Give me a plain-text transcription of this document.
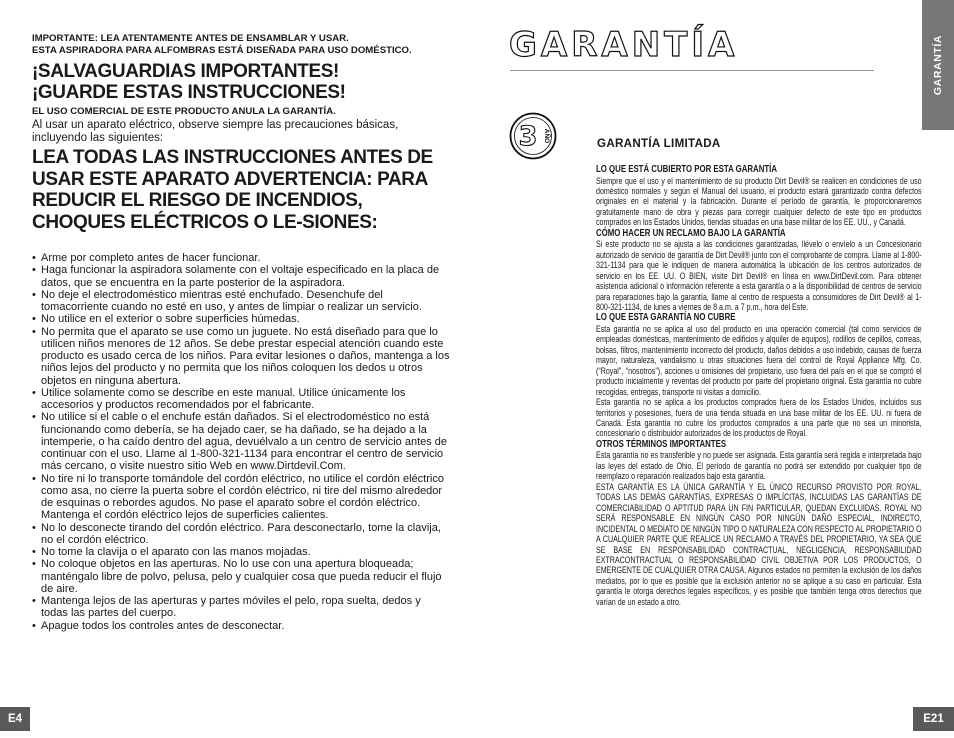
IMPORTANTE: LEA ATENTAMENTE ANTES DE ENSAMBLAR Y USAR.
ESTA ASPIRADORA PARA ALFOMBRAS ESTÁ DISEÑADA PARA USO DOMÉSTICO.
¡SALVAGUARDIAS IMPORTANTES!
¡GUARDE ESTAS INSTRUCCIONES!
EL USO COMERCIAL DE ESTE PRODUCTO ANULA LA GARANTÍA.
Al usar un aparato eléctrico, observe siempre las precauciones básicas, incluyendo las siguientes:
LEA TODAS LAS INSTRUCCIONES ANTES DE USAR ESTE APARATO ADVERTENCIA: PARA REDUCIR EL RIESGO DE INCENDIOS, CHOQUES ELÉCTRICOS O LE-SIONES:
• Arme por completo antes de hacer funcionar.
• Haga funcionar la aspiradora solamente con el voltaje especificado en la placa de datos, que se encuentra en la parte posterior de la aspiradora.
• No deje el electrodoméstico mientras esté enchufado. Desenchufe del tomacorriente cuando no esté en uso, y antes de limpiar o realizar un servicio.
• No utilice en el exterior o sobre superficies húmedas.
• No permita que el aparato se use como un juguete. No está diseñado para que lo utilicen niños menores de 12 años. Se debe prestar especial atención cuando este producto es usado cerca de los niños. Para evitar lesiones o daños, mantenga a los niños lejos del producto y no permita que los niños coloquen los dedos u otros objetos en ninguna abertura.
• Utilice solamente como se describe en este manual. Utilice únicamente los accesorios y productos recomendados por el fabricante.
• No utilice si el cable o el enchufe están dañados. Si el electrodoméstico no está funcionando como debería, se ha dejado caer, se ha dañado, se ha dejado a la intemperie, o ha caído dentro del agua, devuélvalo a un centro de servicio antes de continuar con el uso. Llame al 1-800-321-1134 para encontrar el centro de servicio más cercano, o visite nuestro sitio Web en www.Dirtdevil.Com.
• No tire ni lo transporte tomándole del cordón eléctrico, no utilice el cordón eléctrico como asa, no cierre la puerta sobre el cordón eléctrico, ni tire del mismo alrededor de esquinas o rebordes agudos. No pase el aparato sobre el cordón eléctrico. Mantenga el cordón eléctrico lejos de superficies calientes.
• No lo desconecte tirando del cordón eléctrico. Para desconectarlo, tome la clavija, no el cordón eléctrico.
• No tome la clavija o el aparato con las manos mojadas.
• No coloque objetos en las aperturas. No lo use con una apertura bloqueada; manténgalo libre de polvo, pelusa, pelo y cualquier cosa que pueda reducir el flujo de aire.
• Mantenga lejos de las aperturas y partes móviles el pelo, ropa suelta, dedos y todas las partes del cuerpo.
• Apague todos los controles antes de desconectar.
E4
GARANTÍA
GARANTÍA
3 AÑO
GARANTÍA LIMITADA
LO QUE ESTÁ CUBIERTO POR ESTA GARANTÍA

Siempre que el uso y el mantenimiento de su producto Dirt Devil® se realicen en condiciones de uso doméstico normales y según el Manual del usuario, el producto estará garantizado contra defectos originales en el material y la fabricación. Durante el período de garantía, le proporcionaremos gratuitamente mano de obra y piezas para corregir cualquier defecto de este tipo en productos comprados en los Estados Unidos, tiendas situadas en una base militar de los EE. UU., y Canadá.

CÓMO HACER UN RECLAMO BAJO LA GARANTÍA

Si este producto no se ajusta a las condiciones garantizadas, llévelo o envíelo a un Concesionario autorizado de servicio de garantía de Dirt Devil® junto con el comprobante de compra. Llame al 1-800-321-1134 para que le indiquen de manera automática la ubicación de los centros autorizados de servicio en los EE. UU. O BIEN, visite Dirt Devil® en línea en www.DirtDevil.com. Para obtener asistencia adicional o información referente a esta garantía o a la disponibilidad de centros de servicio para reparaciones bajo la garantía, llame al centro de respuesta a consumidores de Dirt Devil® al 1-800-321-1134, de lunes a viernes de 8 a.m. a 7 p.m., hora del Este.

LO QUE ESTA GARANTÍA NO CUBRE

Esta garantía no se aplica al uso del producto en una operación comercial (tal como servicios de empleadas domésticas, mantenimiento de edificios y alquiler de equipos), rodillos de cepillos, correas, bolsas, filtros, mantenimiento incorrecto del producto, daños debidos a uso indebido, causas de fuerza mayor, naturaleza, vandalismo u otras situaciones fuera del control de Royal Appliance Mfg. Co. (“Royal”, “nosotros”), acciones u omisiones del propietario, uso fuera del país en el que se compró el producto inicialmente y reventas del producto por parte del propietario original. Esta garantía no cubre recogidas, entregas, transporte ni visitas a domicilio.

Esta garantía no se aplica a los productos comprados fuera de los Estados Unidos, incluidos sus territorios y posesiones, fuera de una tienda situada en una base militar de los EE. UU. ni fuera de Canadá. Esta garantía no cubre los productos comprados a una parte que no sea un minorista, concesionario o distribuidor autorizados de los productos de Royal.

OTROS TÉRMINOS IMPORTANTES

Esta garantía no es transferible y no puede ser asignada. Esta garantía será regida e interpretada bajo las leyes del estado de Ohio. El período de garantía no podrá ser extendido por cualquier tipo de reemplazo o reparación realizados bajo esta garantía.

ESTA GARANTÍA ES LA ÚNICA GARANTÍA Y EL ÚNICO RECURSO PROVISTO POR ROYAL. TODAS LAS DEMÁS GARANTÍAS, EXPRESAS O IMPLÍCITAS, INCLUIDAS LAS GARANTÍAS DE COMERCIABILIDAD O APTITUD PARA UN FIN PARTICULAR, QUEDAN EXCLUIDAS. ROYAL NO SERÁ RESPONSABLE EN NINGÚN CASO POR NINGÚN DAÑO ESPECIAL, INDIRECTO, INCIDENTAL O MEDIATO DE NINGÚN TIPO O NATURALEZA CON RESPECTO AL PROPIETARIO O A CUALQUIER PARTE QUE REALICE UN RECLAMO A TRAVÉS DEL PROPIETARIO, YA SEA QUE SE BASE EN RESPONSABILIDAD CONTRACTUAL, NEGLIGENCIA, RESPONSABILIDAD EXTRACONTRACTUAL O RESPONSABILIDAD CIVIL OBJETIVA POR LOS PRODUCTOS, O EMERGENTE DE CUALQUIER OTRA CAUSA. Algunos estados no permiten la exclusión de los daños mediatos, por lo que es posible que la exclusión anterior no se aplique a su caso en particular. Esta garantía le otorga derechos legales específicos, y es posible que también tenga otros derechos que varían de un estado a otro.

E21
